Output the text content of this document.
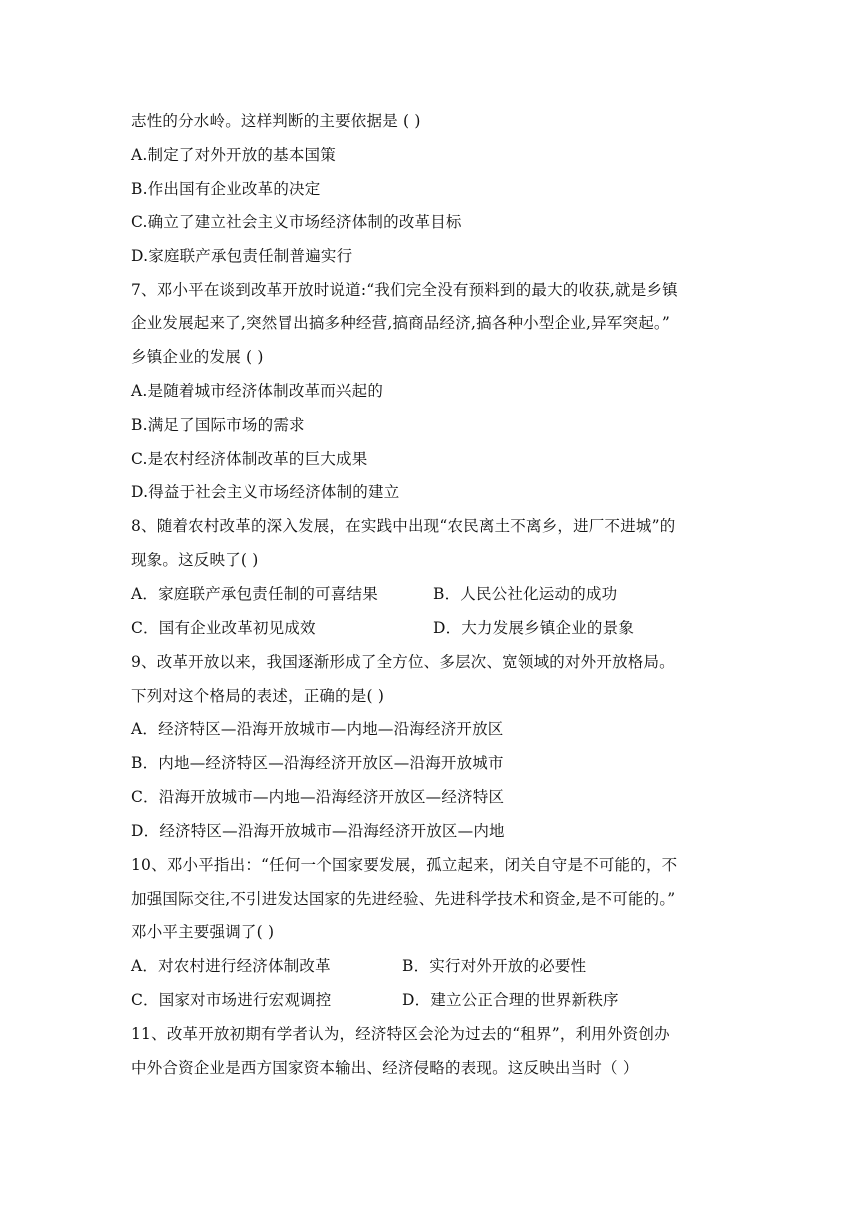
志性的分水岭。这样判断的主要依据是 ( )
A.制定了对外开放的基本国策
B.作出国有企业改革的决定
C.确立了建立社会主义市场经济体制的改革目标
D.家庭联产承包责任制普遍实行
7、邓小平在谈到改革开放时说道:“我们完全没有预料到的最大的收获,就是乡镇
企业发展起来了,突然冒出搞多种经营,搞商品经济,搞各种小型企业,异军突起。”
乡镇企业的发展 ( )
A.是随着城市经济体制改革而兴起的
B.满足了国际市场的需求
C.是农村经济体制改革的巨大成果
D.得益于社会主义市场经济体制的建立
8、随着农村改革的深入发展，在实践中出现“农民离土不离乡，进厂不进城”的
现象。这反映了( )
A．家庭联产承包责任制的可喜结果	B．人民公社化运动的成功
C．国有企业改革初见成效	D．大力发展乡镇企业的景象
9、改革开放以来，我国逐渐形成了全方位、多层次、宽领域的对外开放格局。
下列对这个格局的表述，正确的是( )
A．经济特区—沿海开放城市—内地—沿海经济开放区
B．内地—经济特区—沿海经济开放区—沿海开放城市
C．沿海开放城市—内地—沿海经济开放区—经济特区
D．经济特区—沿海开放城市—沿海经济开放区—内地
10、邓小平指出：“任何一个国家要发展，孤立起来，闭关自守是不可能的，不
加强国际交往,不引进发达国家的先进经验、先进科学技术和资金,是不可能的。”
邓小平主要强调了( )
A．对农村进行经济体制改革	B．实行对外开放的必要性
C．国家对市场进行宏观调控	D．建立公正合理的世界新秩序
11、改革开放初期有学者认为，经济特区会沦为过去的“租界”，利用外资创办
中外合资企业是西方国家资本输出、经济侵略的表现。这反映出当时（ ）
